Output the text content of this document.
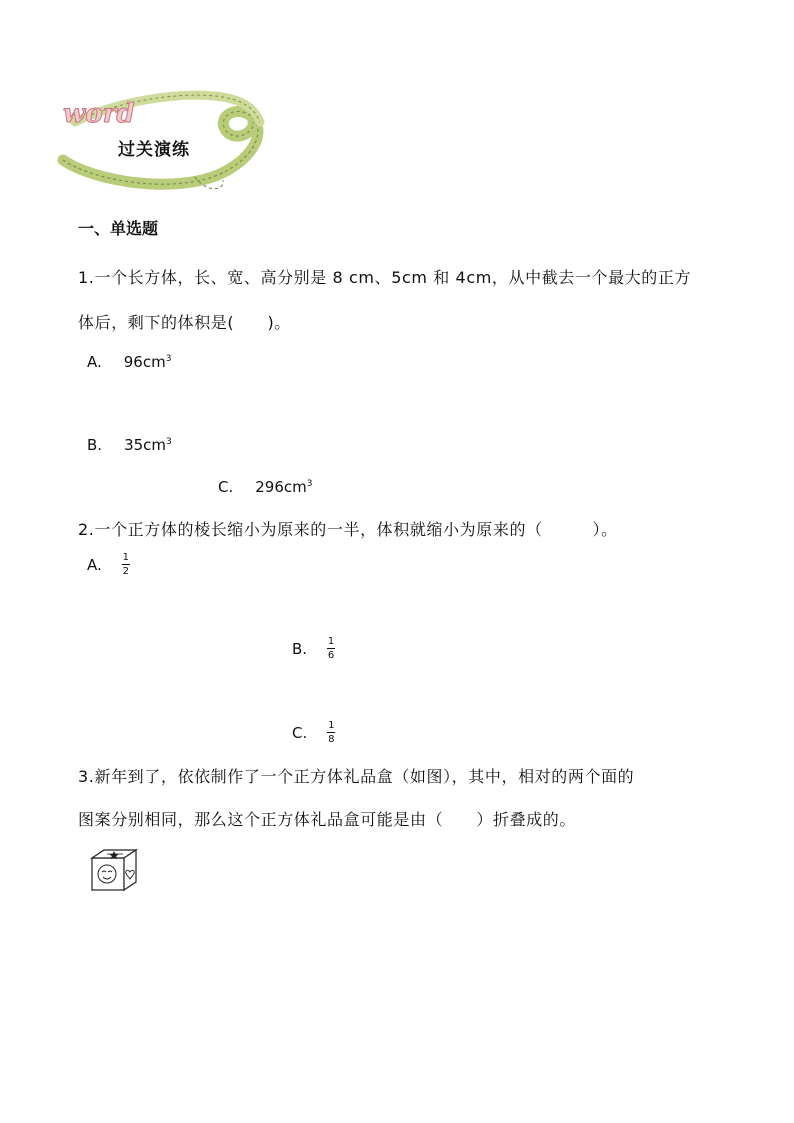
word
过关演练
一、单选题
1.一个长方体，长、宽、高分别是 8 cm、5cm 和 4cm，从中截去一个最大的正方
体后，剩下的体积是(　　)。
A. $96cm^3$
B. $35cm^3$
C. $296cm^3$
2.一个正方体的棱长缩小为原来的一半，体积就缩小为原来的（　　　）。
A. $\frac{1}{2}$
B. $\frac{1}{6}$
C. $\frac{1}{8}$
3.新年到了，依依制作了一个正方体礼品盒（如图），其中，相对的两个面的
图案分别相同，那么这个正方体礼品盒可能是由（　　）折叠成的。
